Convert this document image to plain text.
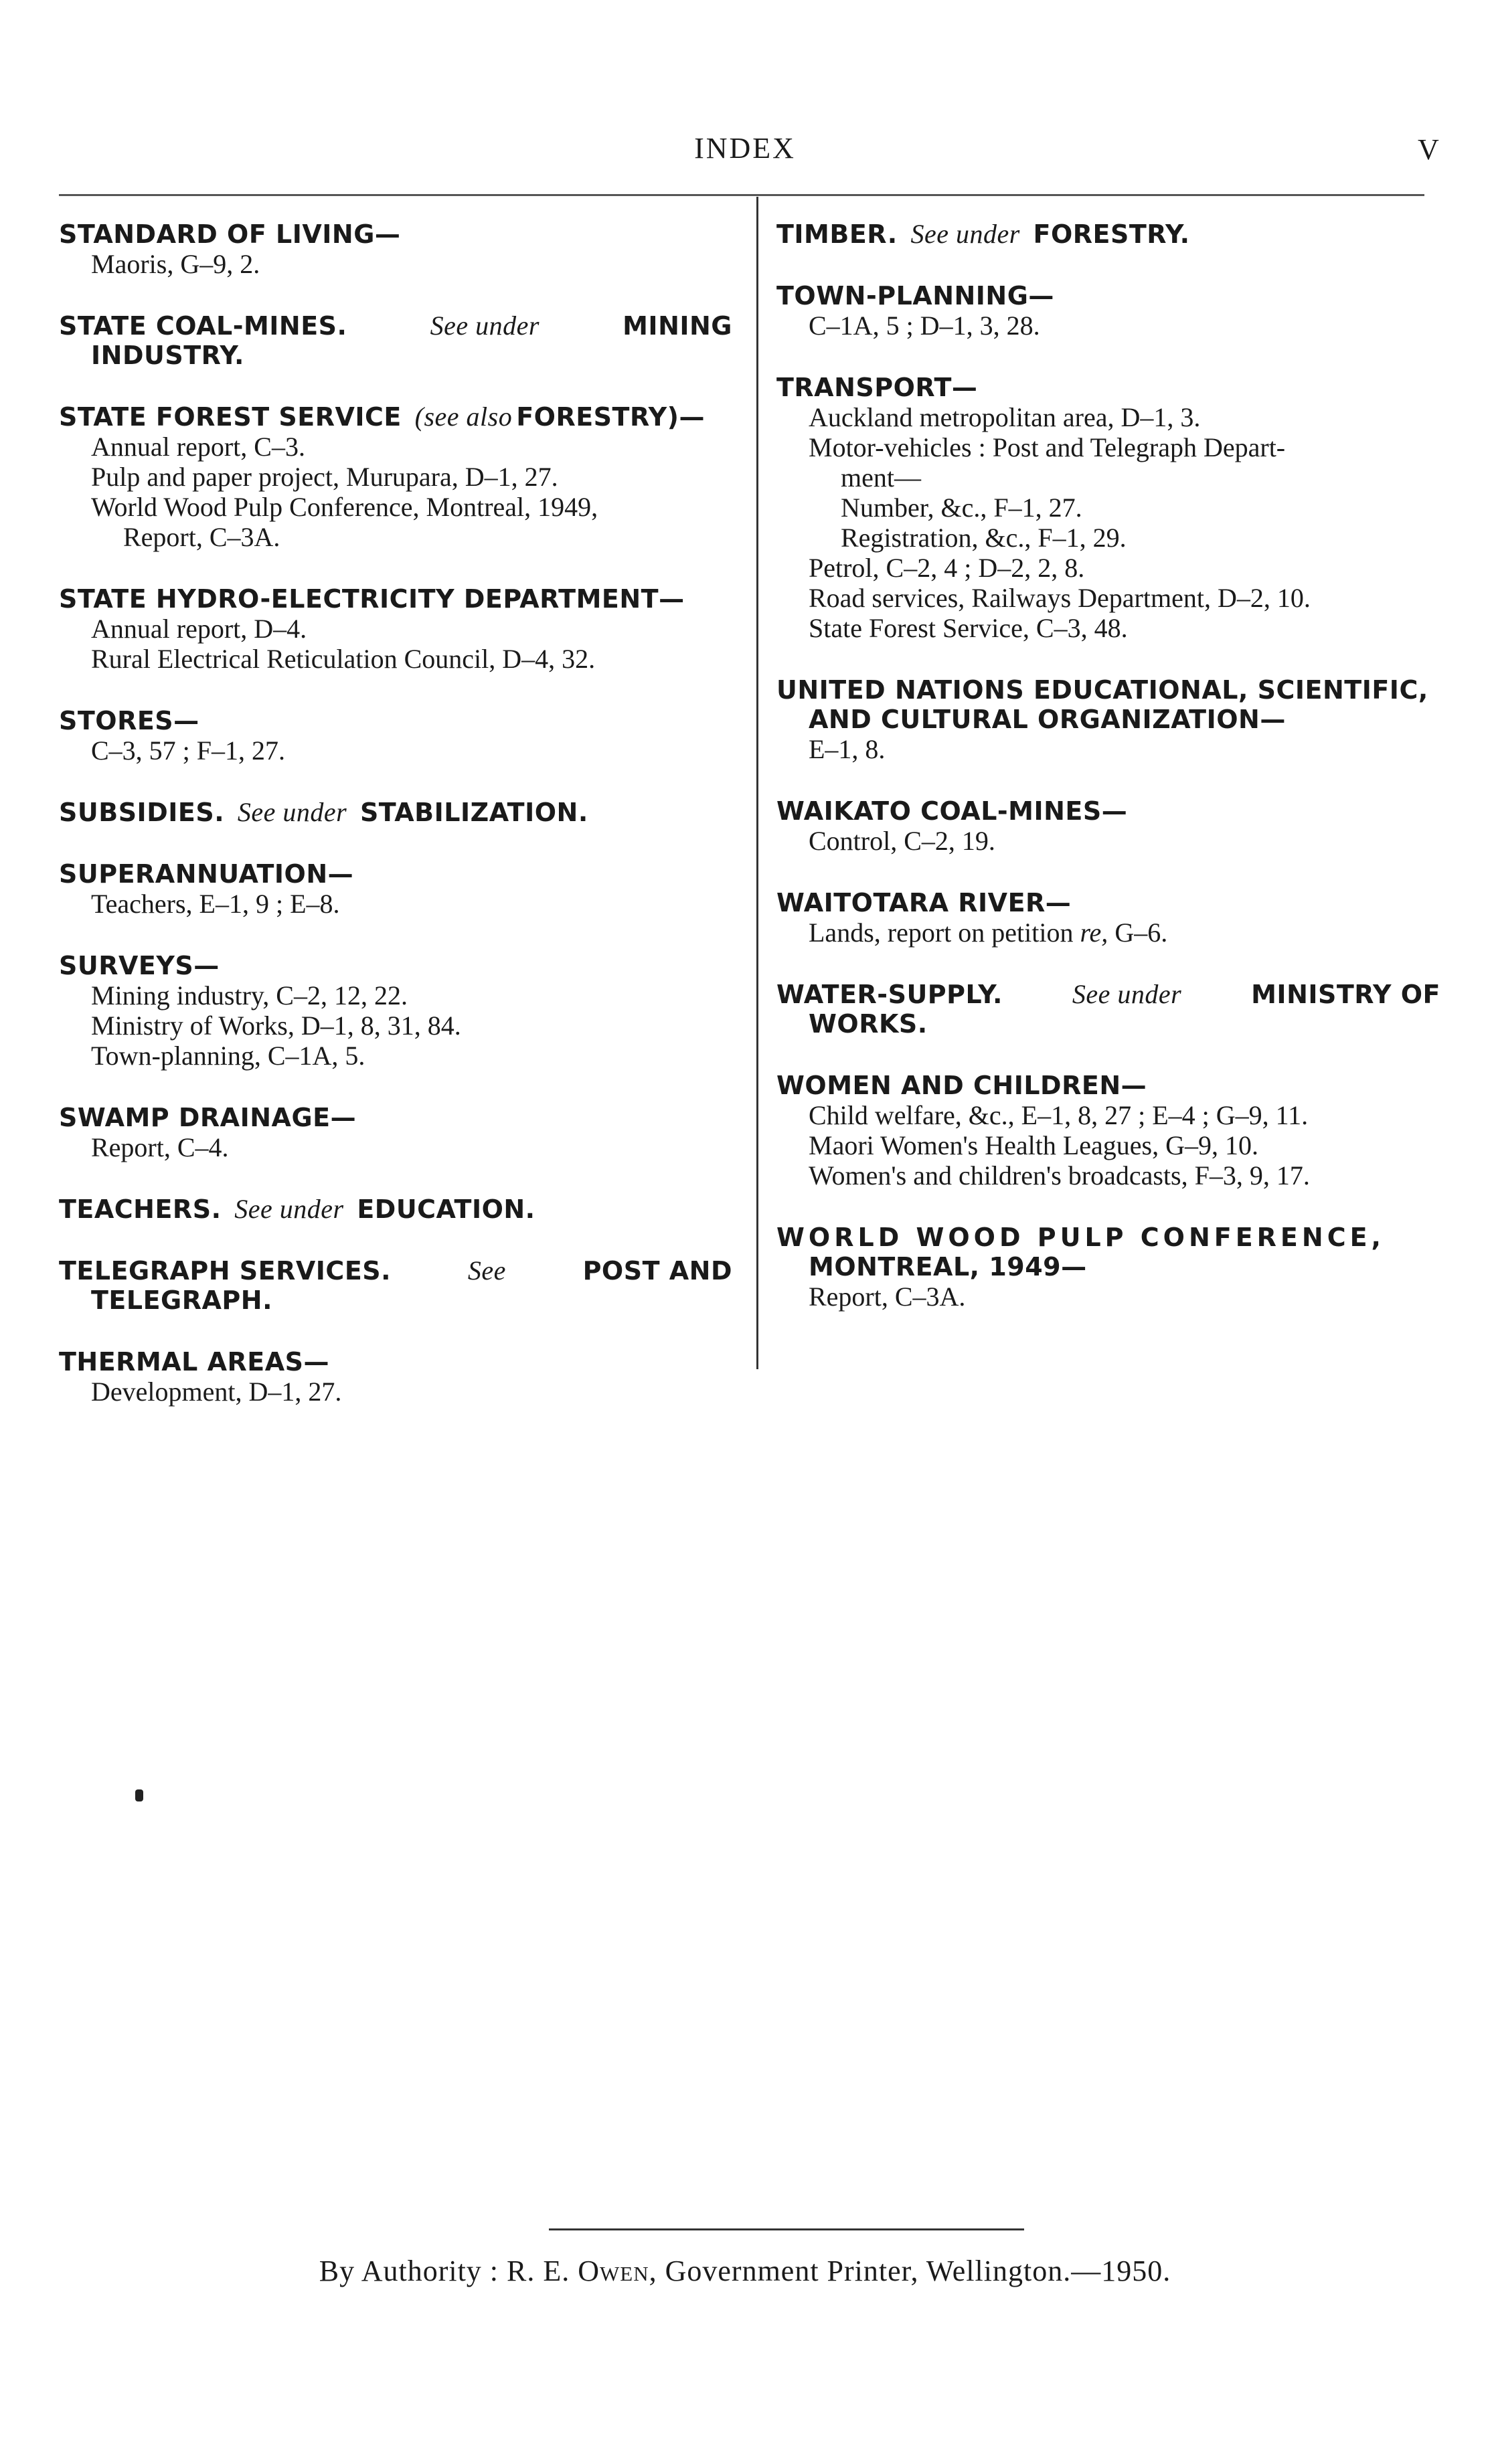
INDEX	V
STANDARD OF LIVING—
Maoris, G–9, 2.
STATE COAL-MINES.	See under	MINING
INDUSTRY.
STATE FOREST SERVICE (see also FORESTRY)—
Annual report, C–3.
Pulp and paper project, Murupara, D–1, 27.
World Wood Pulp Conference, Montreal, 1949,
Report, C–3A.
STATE HYDRO-ELECTRICITY DEPARTMENT—
Annual report, D–4.
Rural Electrical Reticulation Council, D–4, 32.
STORES—
C–3, 57 ; F–1, 27.
SUBSIDIES. See under STABILIZATION.
SUPERANNUATION—
Teachers, E–1, 9 ; E–8.
SURVEYS—
Mining industry, C–2, 12, 22.
Ministry of Works, D–1, 8, 31, 84.
Town-planning, C–1A, 5.
SWAMP DRAINAGE—
Report, C–4.
TEACHERS. See under EDUCATION.
TELEGRAPH SERVICES.	See	POST AND
TELEGRAPH.
THERMAL AREAS—
Development, D–1, 27.
TIMBER. See under FORESTRY.
TOWN-PLANNING—
C–1A, 5 ; D–1, 3, 28.
TRANSPORT—
Auckland metropolitan area, D–1, 3.
Motor-vehicles : Post and Telegraph Depart-
ment—
Number, &c., F–1, 27.
Registration, &c., F–1, 29.
Petrol, C–2, 4 ; D–2, 2, 8.
Road services, Railways Department, D–2, 10.
State Forest Service, C–3, 48.
UNITED NATIONS EDUCATIONAL, SCIENTIFIC,
AND CULTURAL ORGANIZATION—
E–1, 8.
WAIKATO COAL-MINES—
Control, C–2, 19.
WAITOTARA RIVER—
Lands, report on petition re, G–6.
WATER-SUPPLY.	See under	MINISTRY OF
WORKS.
WOMEN AND CHILDREN—
Child welfare, &c., E–1, 8, 27 ; E–4 ; G–9, 11.
Maori Women's Health Leagues, G–9, 10.
Women's and children's broadcasts, F–3, 9, 17.
WORLD WOOD PULP CONFERENCE,
MONTREAL, 1949—
Report, C–3A.
By Authority : R. E. Owen, Government Printer, Wellington.—1950.
